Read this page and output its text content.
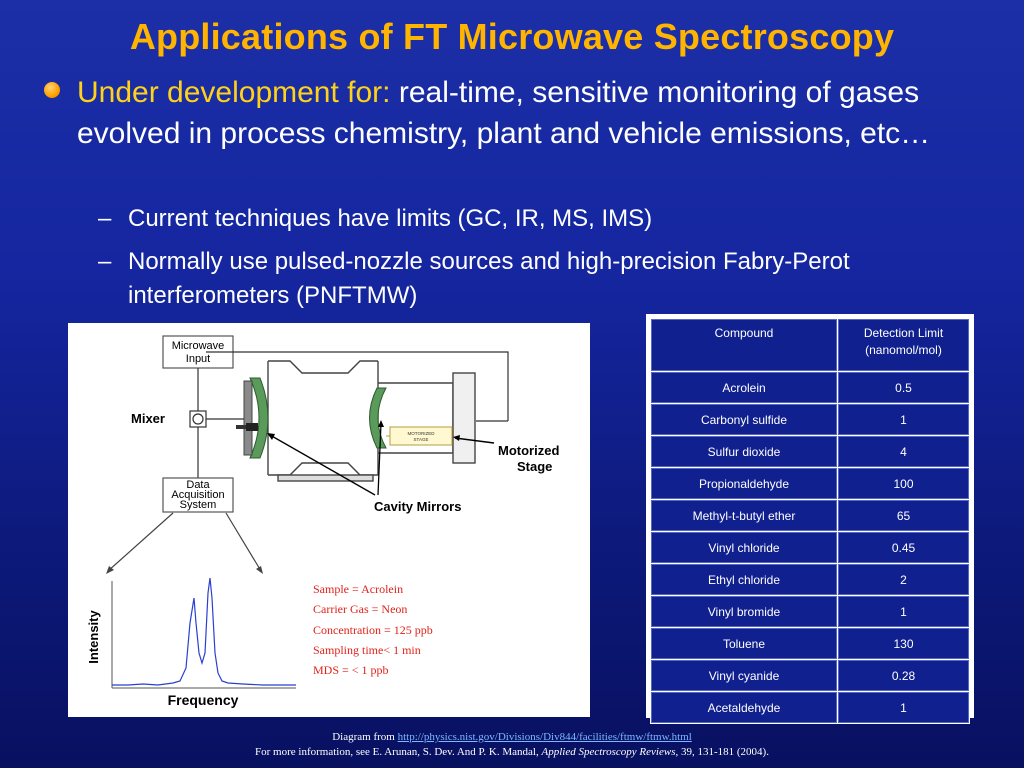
Applications of FT Microwave Spectroscopy
Under development for: real-time, sensitive monitoring of gases evolved in process chemistry, plant and vehicle emissions, etc…
– Current techniques have limits (GC, IR, MS, IMS)
– Normally use pulsed-nozzle sources and high-precision Fabry-Perot interferometers (PNFTMW)
Microwave
Input
Mixer
MOTORIZED
STAGE
Motorized
Stage
Cavity Mirrors
Data
Acquisition
System
Intensity
Frequency
Sample = Acrolein
Carrier Gas = Neon
Concentration = 125 ppb
Sampling time< 1 min
MDS = < 1 ppb
Compound	Detection Limit (nanomol/mol)
Acrolein	0.5
Carbonyl sulfide	1
Sulfur dioxide	4
Propionaldehyde	100
Methyl-t-butyl ether	65
Vinyl chloride	0.45
Ethyl chloride	2
Vinyl bromide	1
Toluene	130
Vinyl cyanide	0.28
Acetaldehyde	1
Diagram from http://physics.nist.gov/Divisions/Div844/facilities/ftmw/ftmw.html
For more information, see E. Arunan, S. Dev. And P. K. Mandal, Applied Spectroscopy Reviews, 39, 131-181 (2004).
